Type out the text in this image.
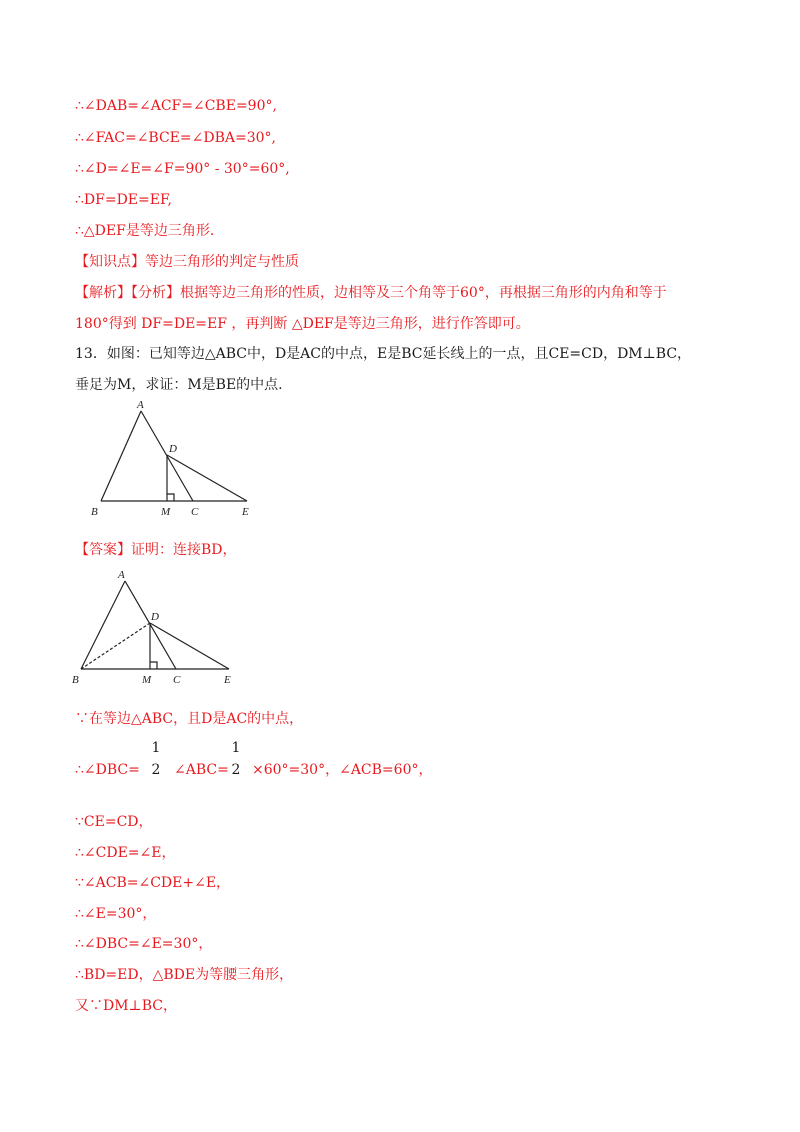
∴∠DAB=∠ACF=∠CBE=90°,
∴∠FAC=∠BCE=∠DBA=30°,
∴∠D=∠E=∠F=90° - 30°=60°,
∴DF=DE=EF,
∴△DEF是等边三角形.
【知识点】等边三角形的判定与性质
【解析】【分析】根据等边三角形的性质，边相等及三个角等于60°，再根据三角形的内角和等于
180°得到 DF=DE=EF ，再判断 △DEF是等边三角形，进行作答即可。
13．如图：已知等边△ABC中，D是AC的中点，E是BC延长线上的一点，且CE=CD，DM⊥BC，
垂足为M，求证：M是BE的中点.
A
D
B	M C	E
【答案】证明：连接BD，
A
D
B	M C	E
∵在等边△ABC，且D是AC的中点，
∴∠DBC=
1
2 ∠ABC=
1
2 ×60°=30°，∠ACB=60°，
∵CE=CD，
∴∠CDE=∠E，
∵∠ACB=∠CDE+∠E，
∴∠E=30°，
∴∠DBC=∠E=30°，
∴BD=ED，△BDE为等腰三角形，
又∵DM⊥BC，
